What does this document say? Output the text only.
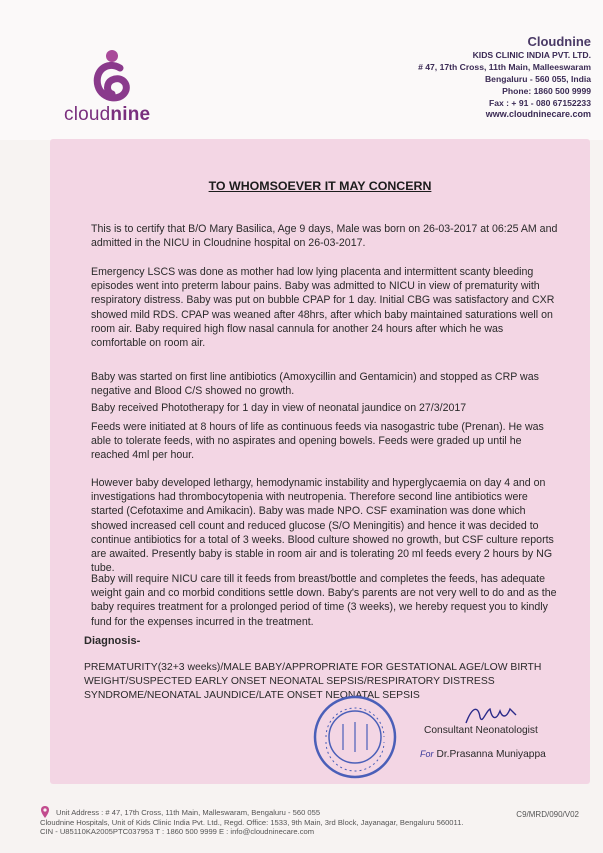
cloudnine
Cloudnine
KIDS CLINIC INDIA PVT. LTD.
# 47, 17th Cross, 11th Main, Malleeswaram
Bengaluru - 560 055, India
Phone: 1860 500 9999
Fax : + 91 - 080 67152233
www.cloudninecare.com
TO WHOMSOEVER IT MAY CONCERN

This is to certify that B/O Mary Basilica, Age 9 days, Male was born on 26-03-2017 at 06:25 AM and admitted in the NICU in Cloudnine hospital on 26-03-2017.

Emergency LSCS was done as mother had low lying placenta and intermittent scanty bleeding episodes went into preterm labour pains. Baby was admitted to NICU in view of prematurity with respiratory distress. Baby was put on bubble CPAP for 1 day. Initial CBG was satisfactory and CXR showed mild RDS. CPAP was weaned after 48hrs, after which baby maintained saturations well on room air. Baby required high flow nasal cannula for another 24 hours after which he was comfortable on room air.

Baby was started on first line antibiotics (Amoxycillin and Gentamicin) and stopped as CRP was negative and Blood C/S showed no growth.

Baby received Phototherapy for 1 day in view of neonatal jaundice on 27/3/2017

Feeds were initiated at 8 hours of life as continuous feeds via nasogastric tube (Prenan). He was able to tolerate feeds, with no aspirates and opening bowels. Feeds were graded up until he reached 4ml per hour.

However baby developed lethargy, hemodynamic instability and hyperglycaemia on day 4 and on investigations had thrombocytopenia with neutropenia. Therefore second line antibiotics were started (Cefotaxime and Amikacin). Baby was made NPO. CSF examination was done which showed increased cell count and reduced glucose (S/O Meningitis) and hence it was decided to continue antibiotics for a total of 3 weeks. Blood culture showed no growth, but CSF culture reports are awaited. Presently baby is stable in room air and is tolerating 20 ml feeds every 2 hours by NG tube.

Baby will require NICU care till it feeds from breast/bottle and completes the feeds, has adequate weight gain and co morbid conditions settle down. Baby's parents are not very well to do and as the baby requires treatment for a prolonged period of time (3 weeks), we hereby request you to kindly fund for the expenses incurred in the treatment.

Diagnosis-
PREMATURITY(32+3 weeks)/MALE BABY/APPROPRIATE FOR GESTATIONAL AGE/LOW BIRTH WEIGHT/SUSPECTED EARLY ONSET NEONATAL SEPSIS/RESPIRATORY DISTRESS SYNDROME/NEONATAL JAUNDICE/LATE ONSET NEONATAL SEPSIS
Consultant Neonatologist
For Dr.Prasanna Muniyappa
Unit Address : # 47, 17th Cross, 11th Main, Malleswaram, Bengaluru - 560 055
Cloudnine Hospitals, Unit of Kids Clinic India Pvt. Ltd., Regd. Office: 1533, 9th Main, 3rd Block, Jayanagar, Bengaluru 560011.
CIN - U85110KA2005PTC037953 T : 1860 500 9999 E : info@cloudninecare.com
C9/MRD/090/V02
